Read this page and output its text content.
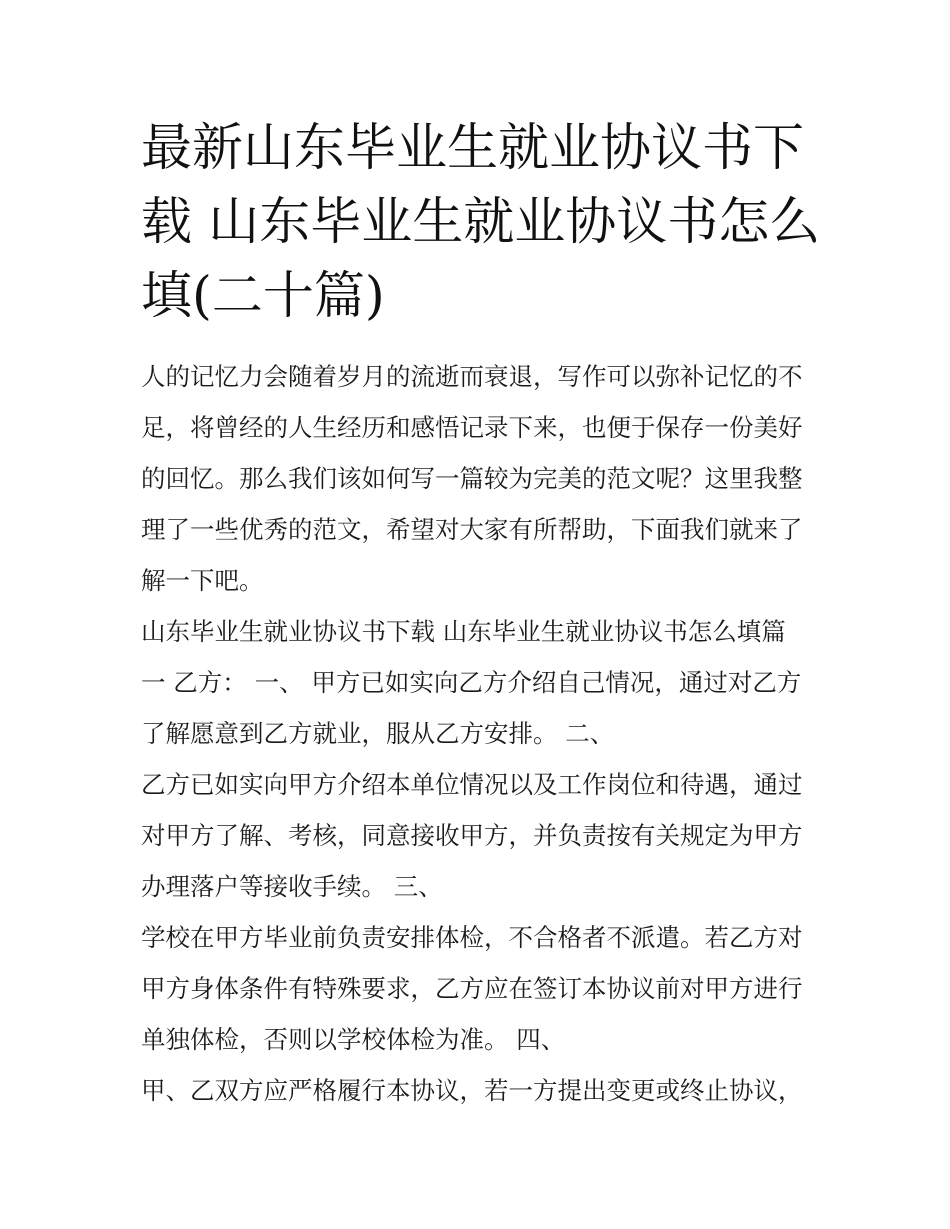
最新山东毕业生就业协议书下
载 山东毕业生就业协议书怎么
填(二十篇)

人的记忆力会随着岁月的流逝而衰退，写作可以弥补记忆的不
足，将曾经的人生经历和感悟记录下来，也便于保存一份美好
的回忆。那么我们该如何写一篇较为完美的范文呢？这里我整
理了一些优秀的范文，希望对大家有所帮助，下面我们就来了
解一下吧。

山东毕业生就业协议书下载 山东毕业生就业协议书怎么填篇
一 乙方： 一、 甲方已如实向乙方介绍自己情况，通过对乙方
了解愿意到乙方就业，服从乙方安排。 二、

乙方已如实向甲方介绍本单位情况以及工作岗位和待遇，通过
对甲方了解、考核，同意接收甲方，并负责按有关规定为甲方
办理落户等接收手续。 三、

学校在甲方毕业前负责安排体检，不合格者不派遣。若乙方对
甲方身体条件有特殊要求，乙方应在签订本协议前对甲方进行
单独体检，否则以学校体检为准。 四、

甲、乙双方应严格履行本协议，若一方提出变更或终止协议，
